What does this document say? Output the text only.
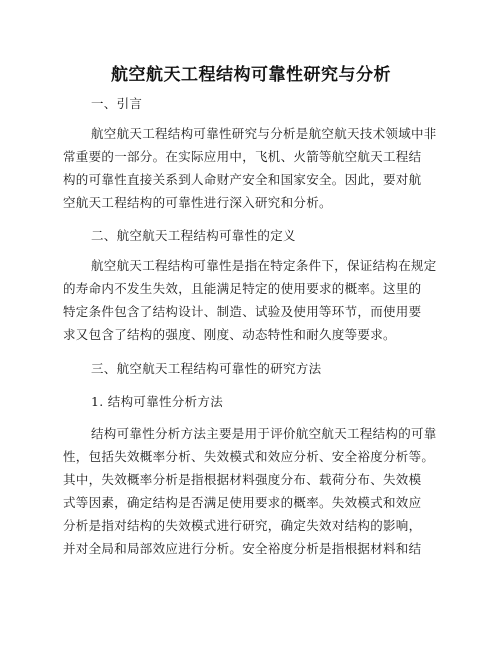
航空航天工程结构可靠性研究与分析
一、引言
航空航天工程结构可靠性研究与分析是航空航天技术领域中非
常重要的一部分。在实际应用中，飞机、火箭等航空航天工程结
构的可靠性直接关系到人命财产安全和国家安全。因此，要对航
空航天工程结构的可靠性进行深入研究和分析。
二、航空航天工程结构可靠性的定义
航空航天工程结构可靠性是指在特定条件下，保证结构在规定
的寿命内不发生失效，且能满足特定的使用要求的概率。这里的
特定条件包含了结构设计、制造、试验及使用等环节，而使用要
求又包含了结构的强度、刚度、动态特性和耐久度等要求。
三、航空航天工程结构可靠性的研究方法
1. 结构可靠性分析方法
结构可靠性分析方法主要是用于评价航空航天工程结构的可靠
性，包括失效概率分析、失效模式和效应分析、安全裕度分析等。
其中，失效概率分析是指根据材料强度分布、载荷分布、失效模
式等因素，确定结构是否满足使用要求的概率。失效模式和效应
分析是指对结构的失效模式进行研究，确定失效对结构的影响，
并对全局和局部效应进行分析。安全裕度分析是指根据材料和结
